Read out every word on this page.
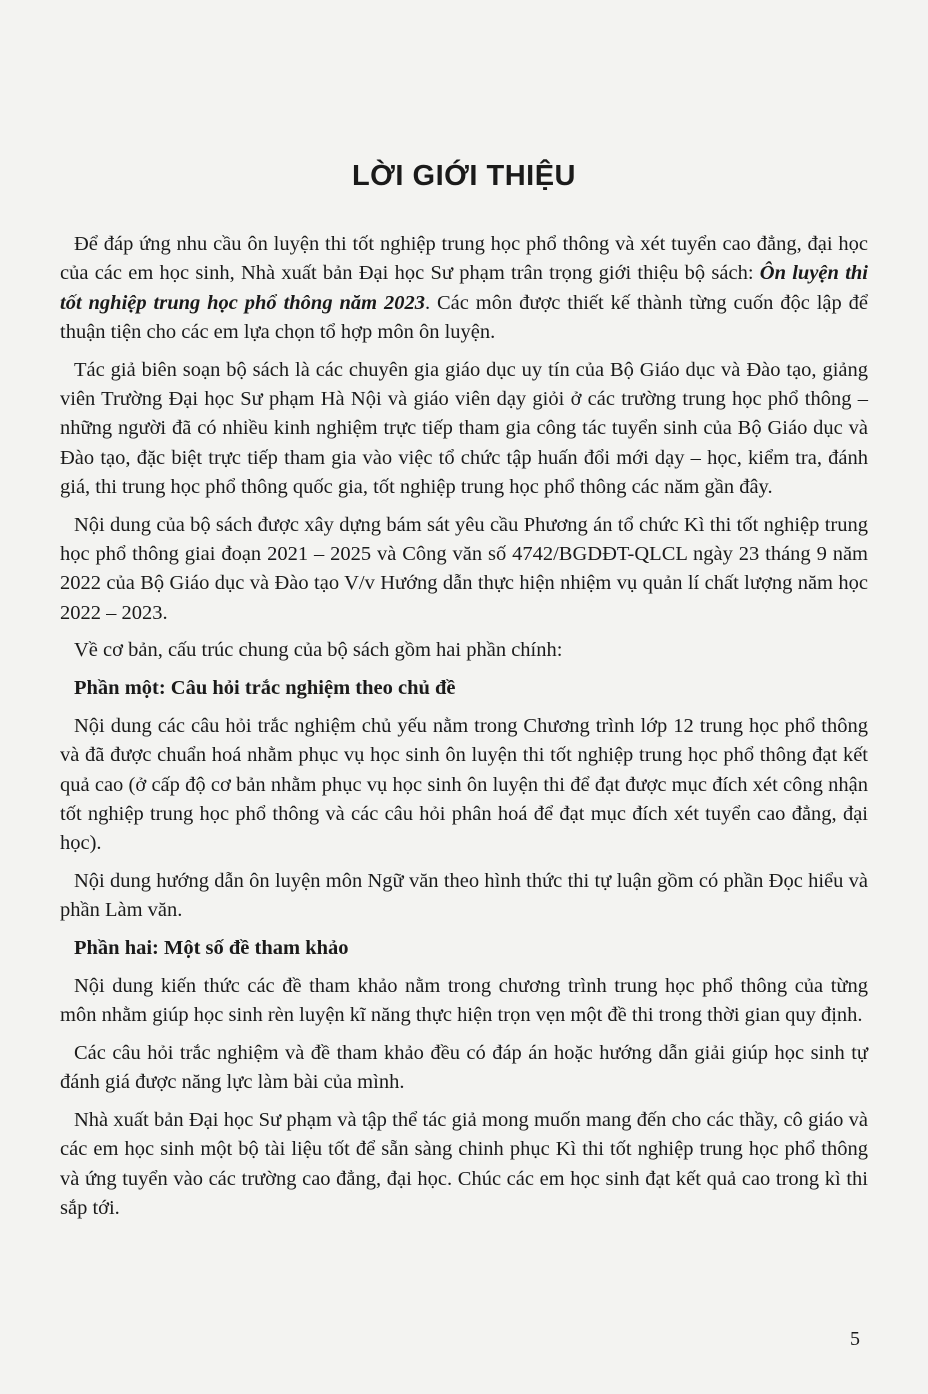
LỜI GIỚI THIỆU

Để đáp ứng nhu cầu ôn luyện thi tốt nghiệp trung học phổ thông và xét tuyển cao đẳng, đại học của các em học sinh, Nhà xuất bản Đại học Sư phạm trân trọng giới thiệu bộ sách: Ôn luyện thi tốt nghiệp trung học phổ thông năm 2023. Các môn được thiết kế thành từng cuốn độc lập để thuận tiện cho các em lựa chọn tổ hợp môn ôn luyện.

Tác giả biên soạn bộ sách là các chuyên gia giáo dục uy tín của Bộ Giáo dục và Đào tạo, giảng viên Trường Đại học Sư phạm Hà Nội và giáo viên dạy giỏi ở các trường trung học phổ thông – những người đã có nhiều kinh nghiệm trực tiếp tham gia công tác tuyển sinh của Bộ Giáo dục và Đào tạo, đặc biệt trực tiếp tham gia vào việc tổ chức tập huấn đổi mới dạy – học, kiểm tra, đánh giá, thi trung học phổ thông quốc gia, tốt nghiệp trung học phổ thông các năm gần đây.

Nội dung của bộ sách được xây dựng bám sát yêu cầu Phương án tổ chức Kì thi tốt nghiệp trung học phổ thông giai đoạn 2021 – 2025 và Công văn số 4742/BGDĐT-QLCL ngày 23 tháng 9 năm 2022 của Bộ Giáo dục và Đào tạo V/v Hướng dẫn thực hiện nhiệm vụ quản lí chất lượng năm học 2022 – 2023.

Về cơ bản, cấu trúc chung của bộ sách gồm hai phần chính:

Phần một: Câu hỏi trắc nghiệm theo chủ đề

Nội dung các câu hỏi trắc nghiệm chủ yếu nằm trong Chương trình lớp 12 trung học phổ thông và đã được chuẩn hoá nhằm phục vụ học sinh ôn luyện thi tốt nghiệp trung học phổ thông đạt kết quả cao (ở cấp độ cơ bản nhằm phục vụ học sinh ôn luyện thi để đạt được mục đích xét công nhận tốt nghiệp trung học phổ thông và các câu hỏi phân hoá để đạt mục đích xét tuyển cao đẳng, đại học).

Nội dung hướng dẫn ôn luyện môn Ngữ văn theo hình thức thi tự luận gồm có phần Đọc hiểu và phần Làm văn.

Phần hai: Một số đề tham khảo

Nội dung kiến thức các đề tham khảo nằm trong chương trình trung học phổ thông của từng môn nhằm giúp học sinh rèn luyện kĩ năng thực hiện trọn vẹn một đề thi trong thời gian quy định.

Các câu hỏi trắc nghiệm và đề tham khảo đều có đáp án hoặc hướng dẫn giải giúp học sinh tự đánh giá được năng lực làm bài của mình.

Nhà xuất bản Đại học Sư phạm và tập thể tác giả mong muốn mang đến cho các thầy, cô giáo và các em học sinh một bộ tài liệu tốt để sẵn sàng chinh phục Kì thi tốt nghiệp trung học phổ thông và ứng tuyển vào các trường cao đẳng, đại học. Chúc các em học sinh đạt kết quả cao trong kì thi sắp tới.

5
